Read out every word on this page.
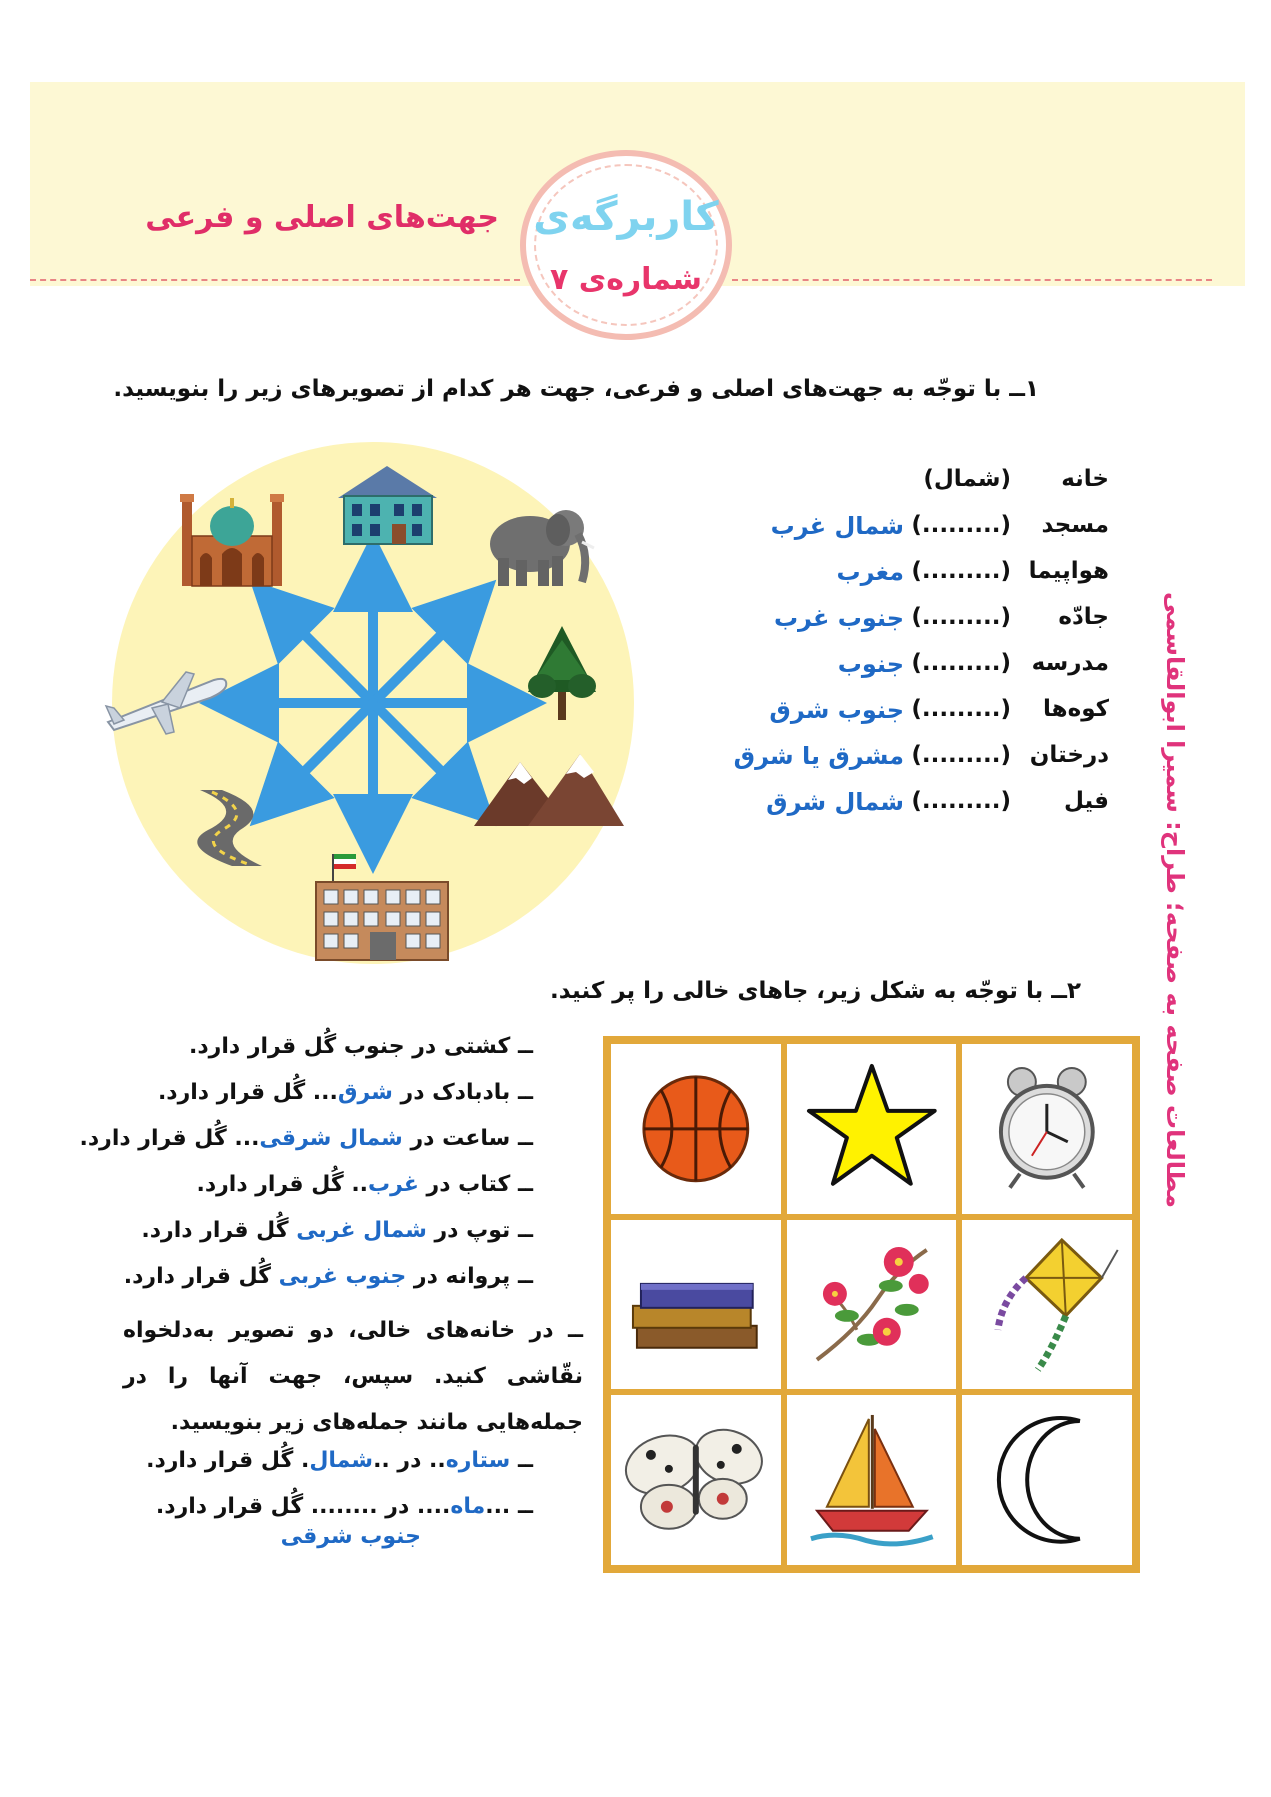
کاربرگه‌ی
شماره‌ی ۷
جهت‌های اصلی و فرعی
۱ــ با توجّه به جهت‌های اصلی و فرعی، جهت هر کدام از تصویرهای زیر را بنویسید.
خانه
(شمال)
مسجد
(.........)
شمال غرب
هواپیما
(.........)
مغرب
جادّه
(.........)
جنوب غرب
مدرسه
(.........)
جنوب
کوه‌ها
(.........)
جنوب شرق
درختان
(.........)
مشرق یا شرق
فیل
(.........)
شمال شرق
۲ــ با توجّه به شکل زیر، جاهای خالی را پر کنید.
ــ کشتی در جنوب گُل قرار دارد.
ــ بادبادک در شرق... گُل قرار دارد.
ــ ساعت در شمال شرقی... گُل قرار دارد.
ــ کتاب در غرب.. گُل قرار دارد.
ــ توپ در شمال غربی گُل قرار دارد.
ــ پروانه در جنوب غربی گُل قرار دارد.
ــ در خانه‌های خالی، دو تصویر به‌دلخواه نقّاشی کنید. سپس، جهت آنها را در جمله‌هایی مانند جمله‌های زیر بنویسید.
ــ ستاره.. در ..شمال. گُل قرار دارد.
ــ ...ماه.... در ........ گُل قرار دارد.
جنوب شرقی
مطالعات صفحه به صفحه؛ طراح: سمیرا ابوالقاسمی
